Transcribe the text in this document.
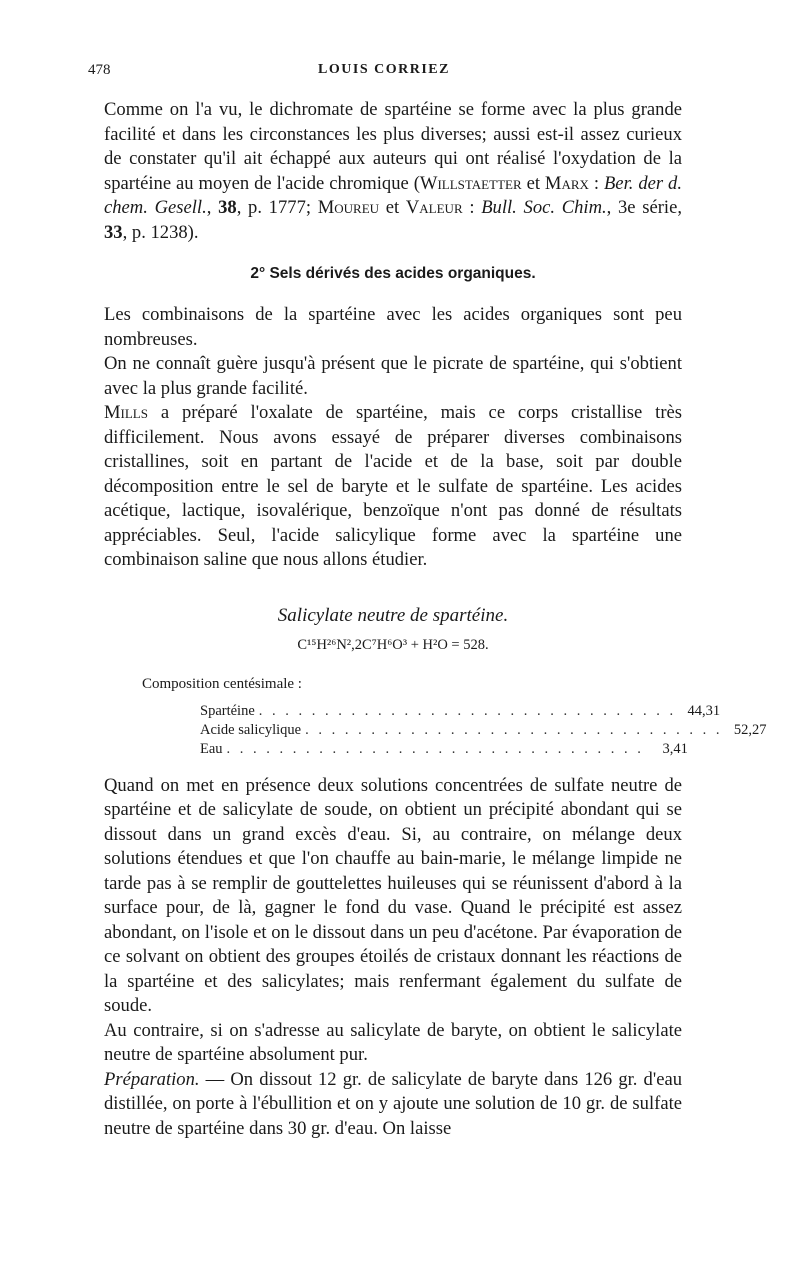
478	LOUIS CORRIEZ

Comme on l'a vu, le dichromate de spartéine se forme avec la plus grande facilité et dans les circonstances les plus diverses; aussi est-il assez curieux de constater qu'il ait échappé aux auteurs qui ont réalisé l'oxydation de la spartéine au moyen de l'acide chromique (Willstaetter et Marx : Ber. der d. chem. Gesell., 38, p. 1777; Moureu et Valeur : Bull. Soc. Chim., 3e série, 33, p. 1238).

2° Sels dérivés des acides organiques.

Les combinaisons de la spartéine avec les acides organiques sont peu nombreuses.

On ne connaît guère jusqu'à présent que le picrate de spartéine, qui s'obtient avec la plus grande facilité.

Mills a préparé l'oxalate de spartéine, mais ce corps cristallise très difficilement. Nous avons essayé de préparer diverses combinaisons cristallines, soit en partant de l'acide et de la base, soit par double décomposition entre le sel de baryte et le sulfate de spartéine. Les acides acétique, lactique, isovalérique, benzoïque n'ont pas donné de résultats appréciables. Seul, l'acide salicylique forme avec la spartéine une combinaison saline que nous allons étudier.

Salicylate neutre de spartéine.
C¹⁵H²⁶N²,2C⁷H⁶O³ + H²O = 528.
Composition centésimale :
Spartéine . . . . . . . . . . . . . . . . . . . . . . . . . . . . . . . . 44,31
Acide salicylique . . . . . . . . . . . . . . . . . . . . . . . . . . . . . . . . 52,27
Eau . . . . . . . . . . . . . . . . . . . . . . . . . . . . . . . .	3,41

Quand on met en présence deux solutions concentrées de sulfate neutre de spartéine et de salicylate de soude, on obtient un précipité abondant qui se dissout dans un grand excès d'eau. Si, au contraire, on mélange deux solutions étendues et que l'on chauffe au bain-marie, le mélange limpide ne tarde pas à se remplir de gouttelettes huileuses qui se réunissent d'abord à la surface pour, de là, gagner le fond du vase. Quand le précipité est assez abondant, on l'isole et on le dissout dans un peu d'acétone. Par évaporation de ce solvant on obtient des groupes étoilés de cristaux donnant les réactions de la spartéine et des salicylates; mais renfermant également du sulfate de soude.

Au contraire, si on s'adresse au salicylate de baryte, on obtient le salicylate neutre de spartéine absolument pur.

Préparation. — On dissout 12 gr. de salicylate de baryte dans 126 gr. d'eau distillée, on porte à l'ébullition et on y ajoute une solution de 10 gr. de sulfate neutre de spartéine dans 30 gr. d'eau. On laisse
